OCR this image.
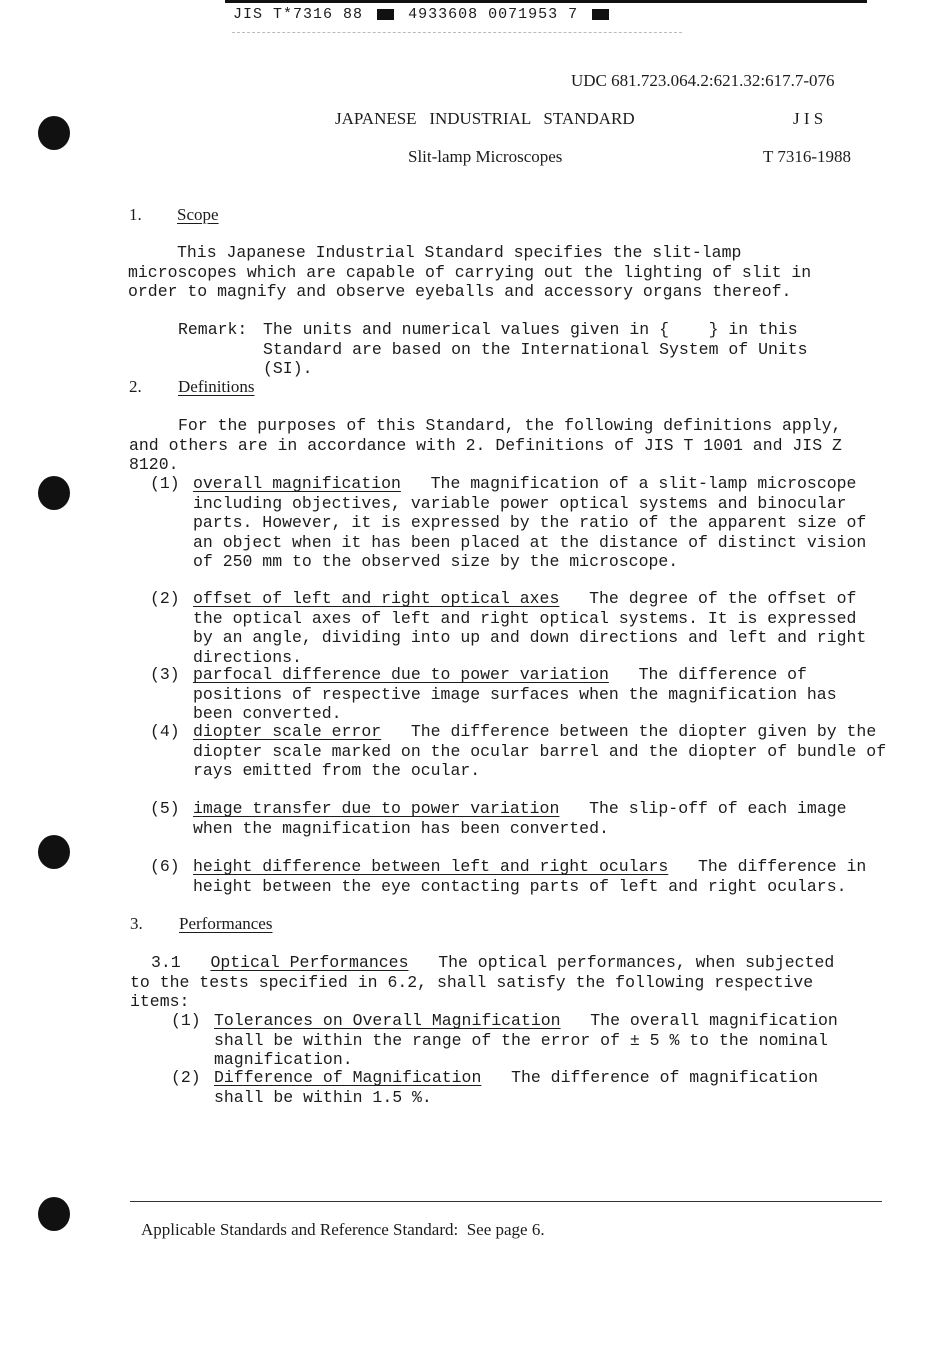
JIS T*7316 88	4933608 0071953 7
UDC 681.723.064.2:621.32:617.7-076
JAPANESE   INDUSTRIAL   STANDARD	J I S
Slit-lamp Microscopes	T 7316-1988
1. Scope
This Japanese Industrial Standard specifies the slit-lamp microscopes which are capable of carrying out the lighting of slit in order to magnify and observe eyeballs and accessory organs thereof.
Remark: The units and numerical values given in {    } in this Standard are based on the International System of Units (SI).
2. Definitions
For the purposes of this Standard, the following definitions apply, and others are in accordance with 2. Definitions of JIS T 1001 and JIS Z 8120.
(1) overall magnification The magnification of a slit-lamp microscope including objectives, variable power optical systems and binocular parts. However, it is expressed by the ratio of the apparent size of an object when it has been placed at the distance of distinct vision of 250 mm to the observed size by the microscope.
(2) offset of left and right optical axes The degree of the offset of the optical axes of left and right optical systems. It is expressed by an angle, dividing into up and down directions and left and right directions.
(3) parfocal difference due to power variation The difference of positions of respective image surfaces when the magnification has been converted.
(4) diopter scale error The difference between the diopter given by the diopter scale marked on the ocular barrel and the diopter of bundle of rays emitted from the ocular.
(5) image transfer due to power variation The slip-off of each image when the magnification has been converted.
(6) height difference between left and right oculars The difference in height between the eye contacting parts of left and right oculars.
3. Performances
3.1 Optical Performances The optical performances, when subjected to the tests specified in 6.2, shall satisfy the following respective items:
(1) Tolerances on Overall Magnification The overall magnification shall be within the range of the error of ± 5 % to the nominal magnification.
(2) Difference of Magnification The difference of magnification shall be within 1.5 %.
Applicable Standards and Reference Standard:  See page 6.
